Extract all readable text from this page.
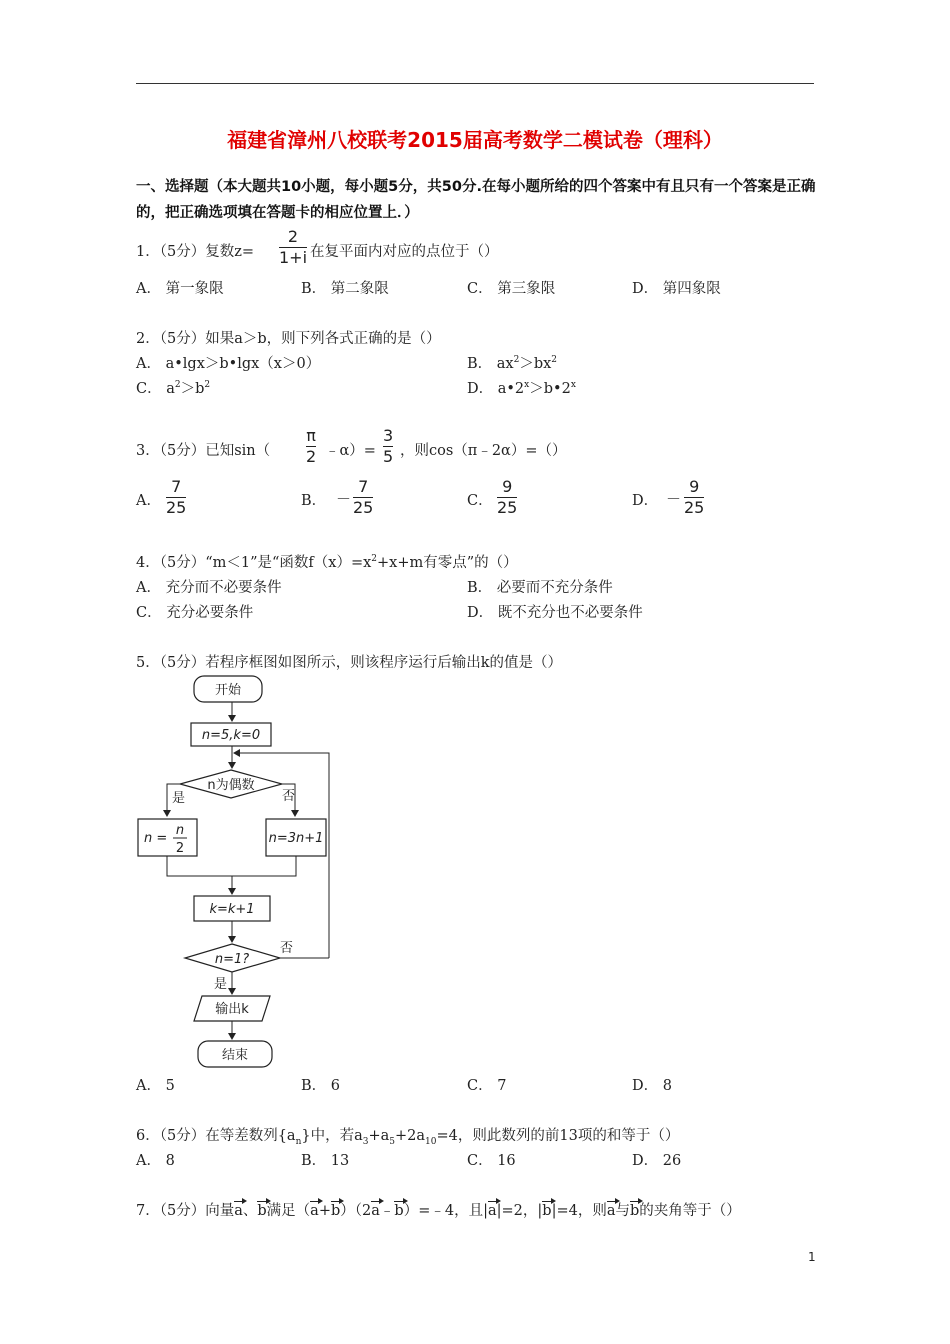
福建省漳州八校联考2015届高考数学二模试卷（理科）
一、选择题（本大题共10小题，每小题5分，共50分.在每小题所给的四个答案中有且只有一个答案是正确的，把正确选项填在答题卡的相应位置上．）
1．（5分）复数z=
2
1+i 在复平面内对应的点位于（）
A． 第一象限	B． 第二象限	C． 第三象限	D． 第四象限
2．（5分）如果a＞b，则下列各式正确的是（）
A． a•lgx＞b•lgx（x＞0）	B． $ax^2>bx^2$
C． $a^2>b^2$	D． $a•2^x>b•2^x$
3．（5分）已知sin（
π
2 ﹣α）=
3
5 ，则cos（π﹣2α）=（）
A．
7
25	B． －
7
25	C．
9
25	D． －
9
25
4．（5分）“m＜1”是“函数$f(x)=x^2+x+m$有零点”的（）
A． 充分而不必要条件	B． 必要而不充分条件
C． 充分必要条件	D． 既不充分也不必要条件
5．（5分）若程序框图如图所示，则该程序运行后输出k的值是（）
开始
n=5,k=0
n为偶数
是	否
n =
n
2
n=3n+1
k=k+1
n=1?
否
是
输出k
结束
A． 5	B． 6	C． 7	D． 8
6．（5分）在等差数列$\{a_n\}$中，若$a_3+a_5+2a_{10}=4$，则此数列的前13项的和等于（）
A． 8	B． 13	C． 16	D． 26
7．（5分）向量a、b满足（a+b）（2a﹣b）=﹣4，且|a|=2，|b|=4，则a与b的夹角等于（）
1
